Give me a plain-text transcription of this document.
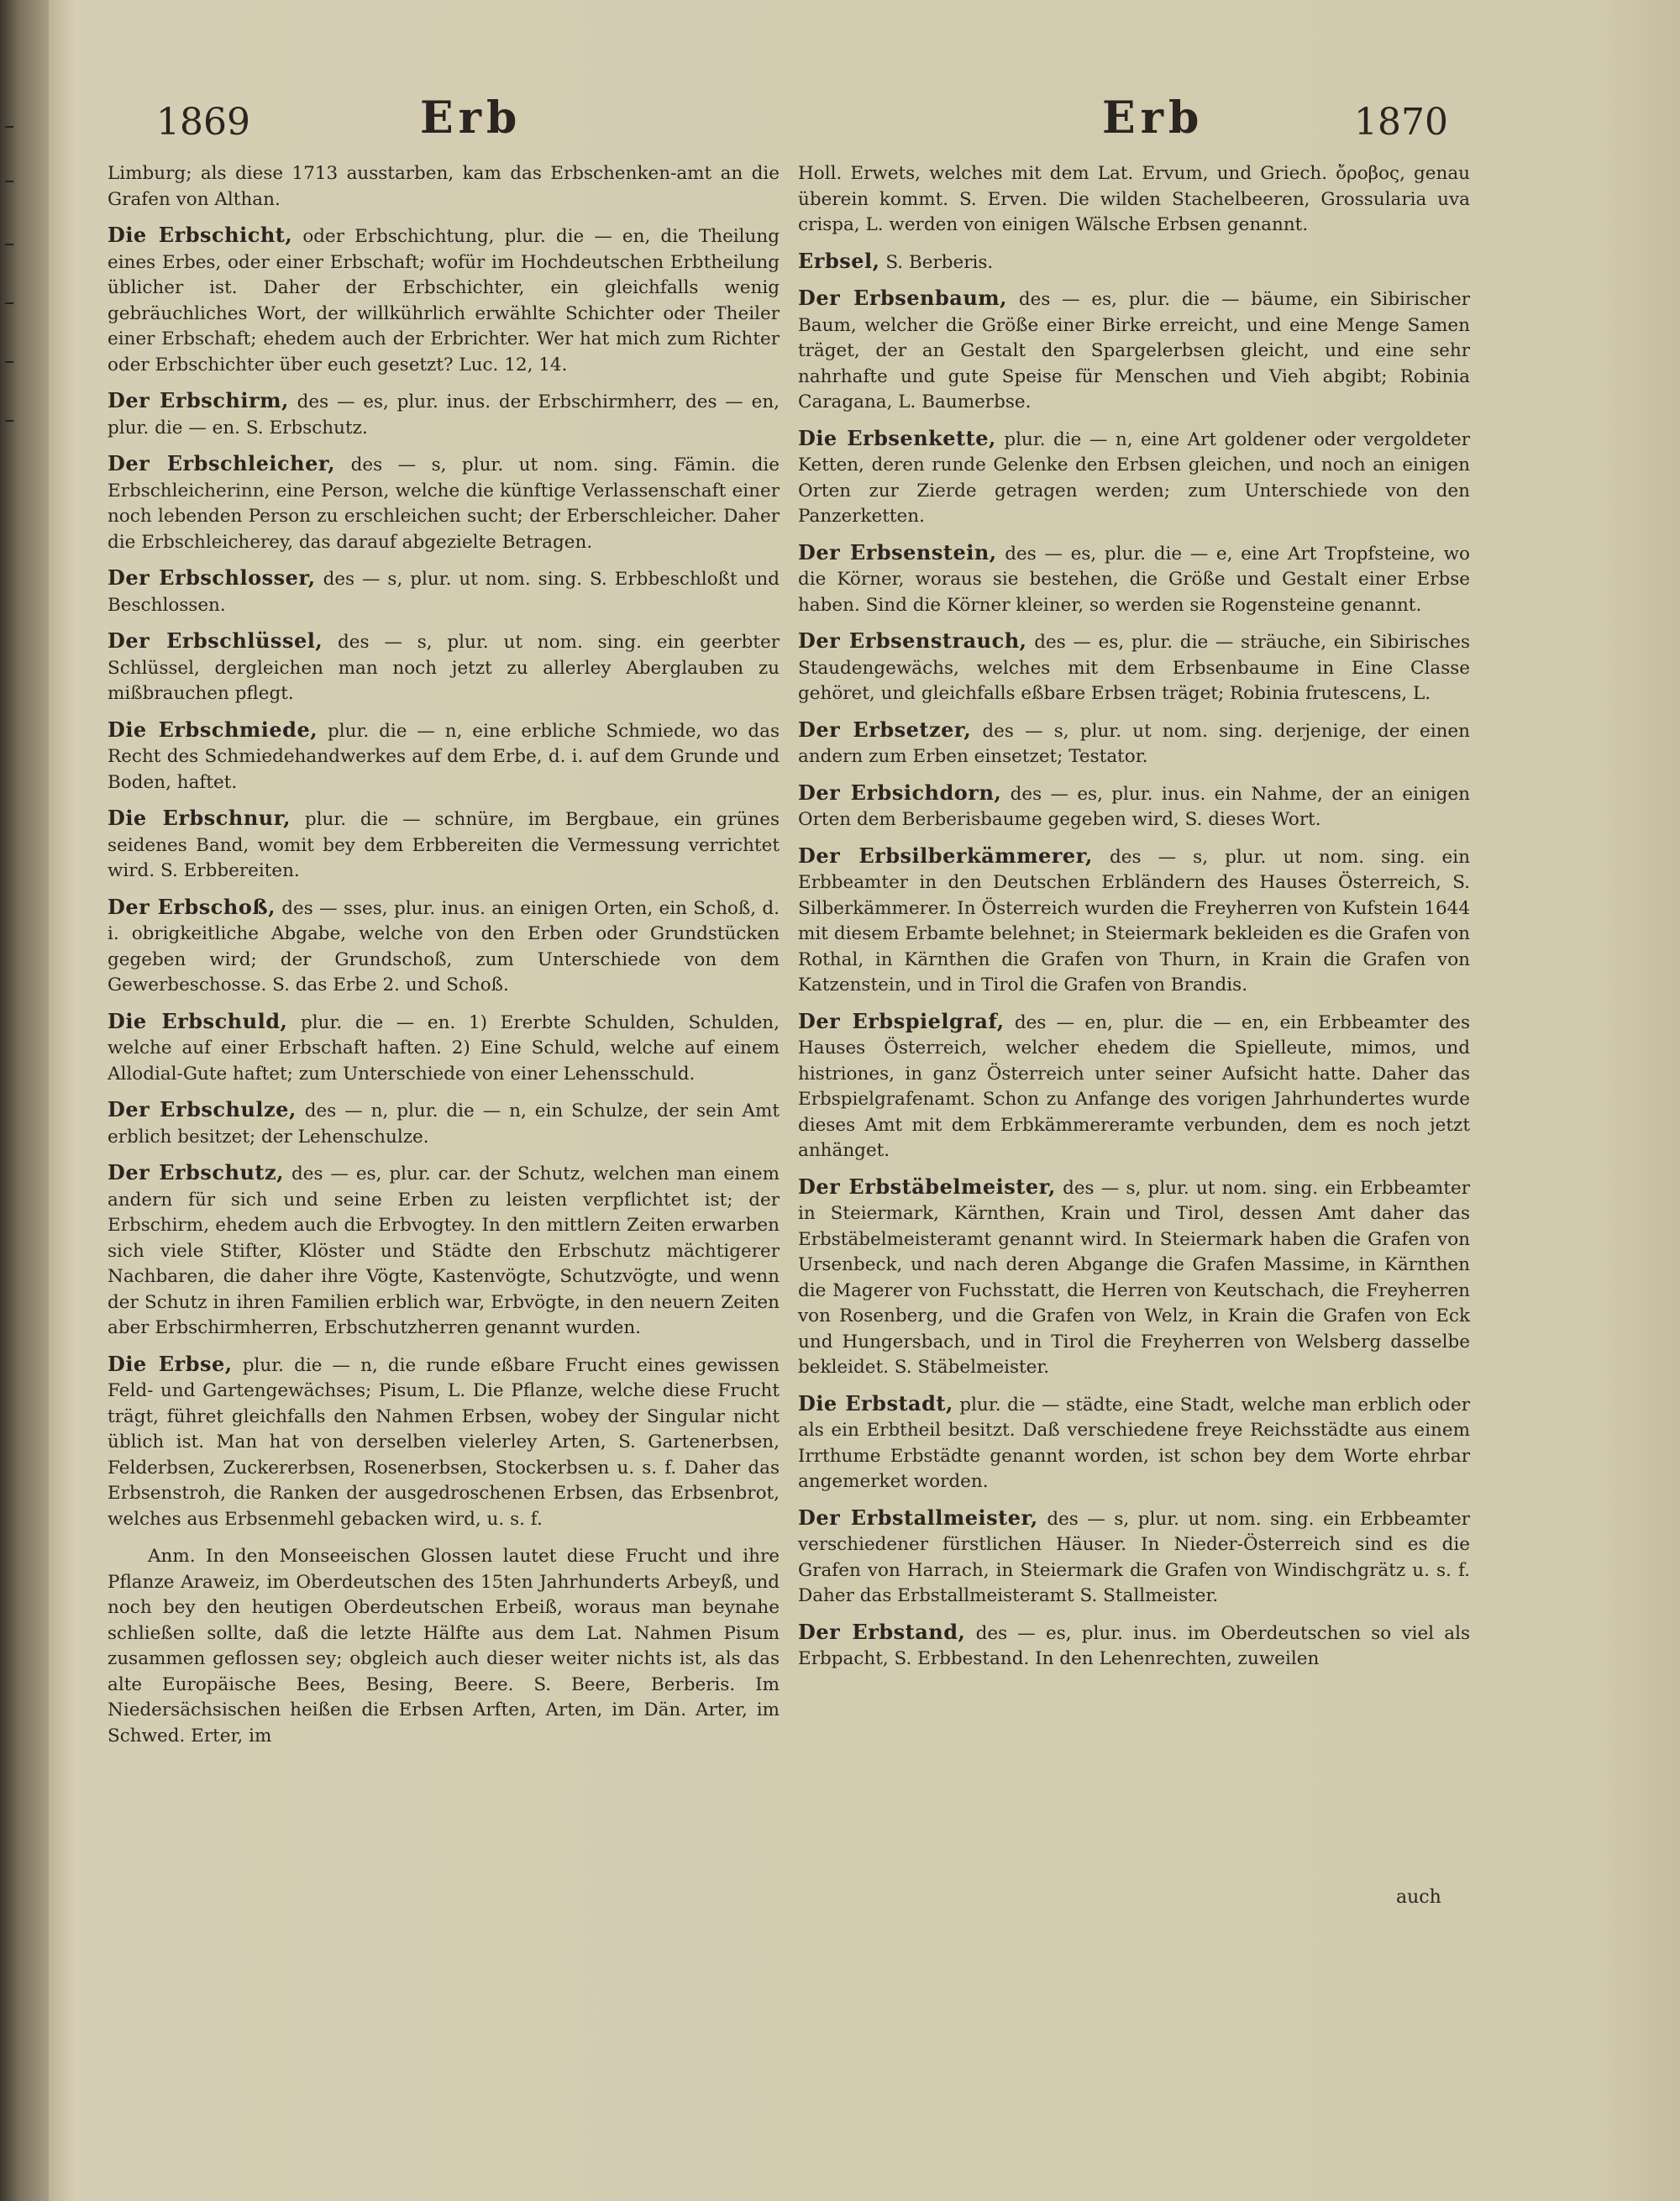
1869	Erb	Erb	1870
Limburg; als diese 1713 ausstarben, kam das Erbschenken-amt an die Grafen von Althan.
Die Erbschicht, oder Erbschichtung, plur. die — en, die Theilung eines Erbes, oder einer Erbschaft; wofür im Hochdeutschen Erbtheilung üblicher ist. Daher der Erbschichter, ein gleichfalls wenig gebräuchliches Wort, der willkührlich erwählte Schichter oder Theiler einer Erbschaft; ehedem auch der Erbrichter. Wer hat mich zum Richter oder Erbschichter über euch gesetzt? Luc. 12, 14.
Der Erbschirm, des — es, plur. inus. der Erbschirmherr, des — en, plur. die — en. S. Erbschutz.
Der Erbschleicher, des — s, plur. ut nom. sing. Fämin. die Erbschleicherinn, eine Person, welche die künftige Verlassenschaft einer noch lebenden Person zu erschleichen sucht; der Erberschleicher. Daher die Erbschleicherey, das darauf abgezielte Betragen.
Der Erbschlosser, des — s, plur. ut nom. sing. S. Erbbeschloßt und Beschlossen.
Der Erbschlüssel, des — s, plur. ut nom. sing. ein geerbter Schlüssel, dergleichen man noch jetzt zu allerley Aberglauben zu mißbrauchen pflegt.
Die Erbschmiede, plur. die — n, eine erbliche Schmiede, wo das Recht des Schmiedehandwerkes auf dem Erbe, d. i. auf dem Grunde und Boden, haftet.
Die Erbschnur, plur. die — schnüre, im Bergbaue, ein grünes seidenes Band, womit bey dem Erbbereiten die Vermessung verrichtet wird. S. Erbbereiten.
Der Erbschoß, des — sses, plur. inus. an einigen Orten, ein Schoß, d. i. obrigkeitliche Abgabe, welche von den Erben oder Grundstücken gegeben wird; der Grundschoß, zum Unterschiede von dem Gewerbeschosse. S. das Erbe 2. und Schoß.
Die Erbschuld, plur. die — en. 1) Ererbte Schulden, Schulden, welche auf einer Erbschaft haften. 2) Eine Schuld, welche auf einem Allodial-Gute haftet; zum Unterschiede von einer Lehensschuld.
Der Erbschulze, des — n, plur. die — n, ein Schulze, der sein Amt erblich besitzet; der Lehenschulze.
Der Erbschutz, des — es, plur. car. der Schutz, welchen man einem andern für sich und seine Erben zu leisten verpflichtet ist; der Erbschirm, ehedem auch die Erbvogtey. In den mittlern Zeiten erwarben sich viele Stifter, Klöster und Städte den Erbschutz mächtigerer Nachbaren, die daher ihre Vögte, Kastenvögte, Schutzvögte, und wenn der Schutz in ihren Familien erblich war, Erbvögte, in den neuern Zeiten aber Erbschirmherren, Erbschutzherren genannt wurden.
Die Erbse, plur. die — n, die runde eßbare Frucht eines gewissen Feld- und Gartengewächses; Pisum, L. Die Pflanze, welche diese Frucht trägt, führet gleichfalls den Nahmen Erbsen, wobey der Singular nicht üblich ist. Man hat von derselben vielerley Arten, S. Gartenerbsen, Felderbsen, Zuckererbsen, Rosenerbsen, Stockerbsen u. s. f. Daher das Erbsenstroh, die Ranken der ausgedroschenen Erbsen, das Erbsenbrot, welches aus Erbsenmehl gebacken wird, u. s. f.
Anm. In den Monseeischen Glossen lautet diese Frucht und ihre Pflanze Araweiz, im Oberdeutschen des 15ten Jahrhunderts Arbeyß, und noch bey den heutigen Oberdeutschen Erbeiß, woraus man beynahe schließen sollte, daß die letzte Hälfte aus dem Lat. Nahmen Pisum zusammen geflossen sey; obgleich auch dieser weiter nichts ist, als das alte Europäische Bees, Besing, Beere. S. Beere, Berberis. Im Niedersächsischen heißen die Erbsen Arften, Arten, im Dän. Arter, im Schwed. Erter, im
Holl. Erwets, welches mit dem Lat. Ervum, und Griech. ὄροβος, genau überein kommt. S. Erven. Die wilden Stachelbeeren, Grossularia uva crispa, L. werden von einigen Wälsche Erbsen genannt.
Erbsel, S. Berberis.
Der Erbsenbaum, des — es, plur. die — bäume, ein Sibirischer Baum, welcher die Größe einer Birke erreicht, und eine Menge Samen träget, der an Gestalt den Spargelerbsen gleicht, und eine sehr nahrhafte und gute Speise für Menschen und Vieh abgibt; Robinia Caragana, L. Baumerbse.
Die Erbsenkette, plur. die — n, eine Art goldener oder vergoldeter Ketten, deren runde Gelenke den Erbsen gleichen, und noch an einigen Orten zur Zierde getragen werden; zum Unterschiede von den Panzerketten.
Der Erbsenstein, des — es, plur. die — e, eine Art Tropfsteine, wo die Körner, woraus sie bestehen, die Größe und Gestalt einer Erbse haben. Sind die Körner kleiner, so werden sie Rogensteine genannt.
Der Erbsenstrauch, des — es, plur. die — sträuche, ein Sibirisches Staudengewächs, welches mit dem Erbsenbaume in Eine Classe gehöret, und gleichfalls eßbare Erbsen träget; Robinia frutescens, L.
Der Erbsetzer, des — s, plur. ut nom. sing. derjenige, der einen andern zum Erben einsetzet; Testator.
Der Erbsichdorn, des — es, plur. inus. ein Nahme, der an einigen Orten dem Berberisbaume gegeben wird, S. dieses Wort.
Der Erbsilberkämmerer, des — s, plur. ut nom. sing. ein Erbbeamter in den Deutschen Erbländern des Hauses Österreich, S. Silberkämmerer. In Österreich wurden die Freyherren von Kufstein 1644 mit diesem Erbamte belehnet; in Steiermark bekleiden es die Grafen von Rothal, in Kärnthen die Grafen von Thurn, in Krain die Grafen von Katzenstein, und in Tirol die Grafen von Brandis.
Der Erbspielgraf, des — en, plur. die — en, ein Erbbeamter des Hauses Österreich, welcher ehedem die Spielleute, mimos, und histriones, in ganz Österreich unter seiner Aufsicht hatte. Daher das Erbspielgrafenamt. Schon zu Anfange des vorigen Jahrhundertes wurde dieses Amt mit dem Erbkämmereramte verbunden, dem es noch jetzt anhänget.
Der Erbstäbelmeister, des — s, plur. ut nom. sing. ein Erbbeamter in Steiermark, Kärnthen, Krain und Tirol, dessen Amt daher das Erbstäbelmeisteramt genannt wird. In Steiermark haben die Grafen von Ursenbeck, und nach deren Abgange die Grafen Massime, in Kärnthen die Magerer von Fuchsstatt, die Herren von Keutschach, die Freyherren von Rosenberg, und die Grafen von Welz, in Krain die Grafen von Eck und Hungersbach, und in Tirol die Freyherren von Welsberg dasselbe bekleidet. S. Stäbelmeister.
Die Erbstadt, plur. die — städte, eine Stadt, welche man erblich oder als ein Erbtheil besitzt. Daß verschiedene freye Reichsstädte aus einem Irrthume Erbstädte genannt worden, ist schon bey dem Worte ehrbar angemerket worden.
Der Erbstallmeister, des — s, plur. ut nom. sing. ein Erbbeamter verschiedener fürstlichen Häuser. In Nieder-Österreich sind es die Grafen von Harrach, in Steiermark die Grafen von Windischgrätz u. s. f. Daher das Erbstallmeisteramt S. Stallmeister.
Der Erbstand, des — es, plur. inus. im Oberdeutschen so viel als Erbpacht, S. Erbbestand. In den Lehenrechten, zuweilen
auch
